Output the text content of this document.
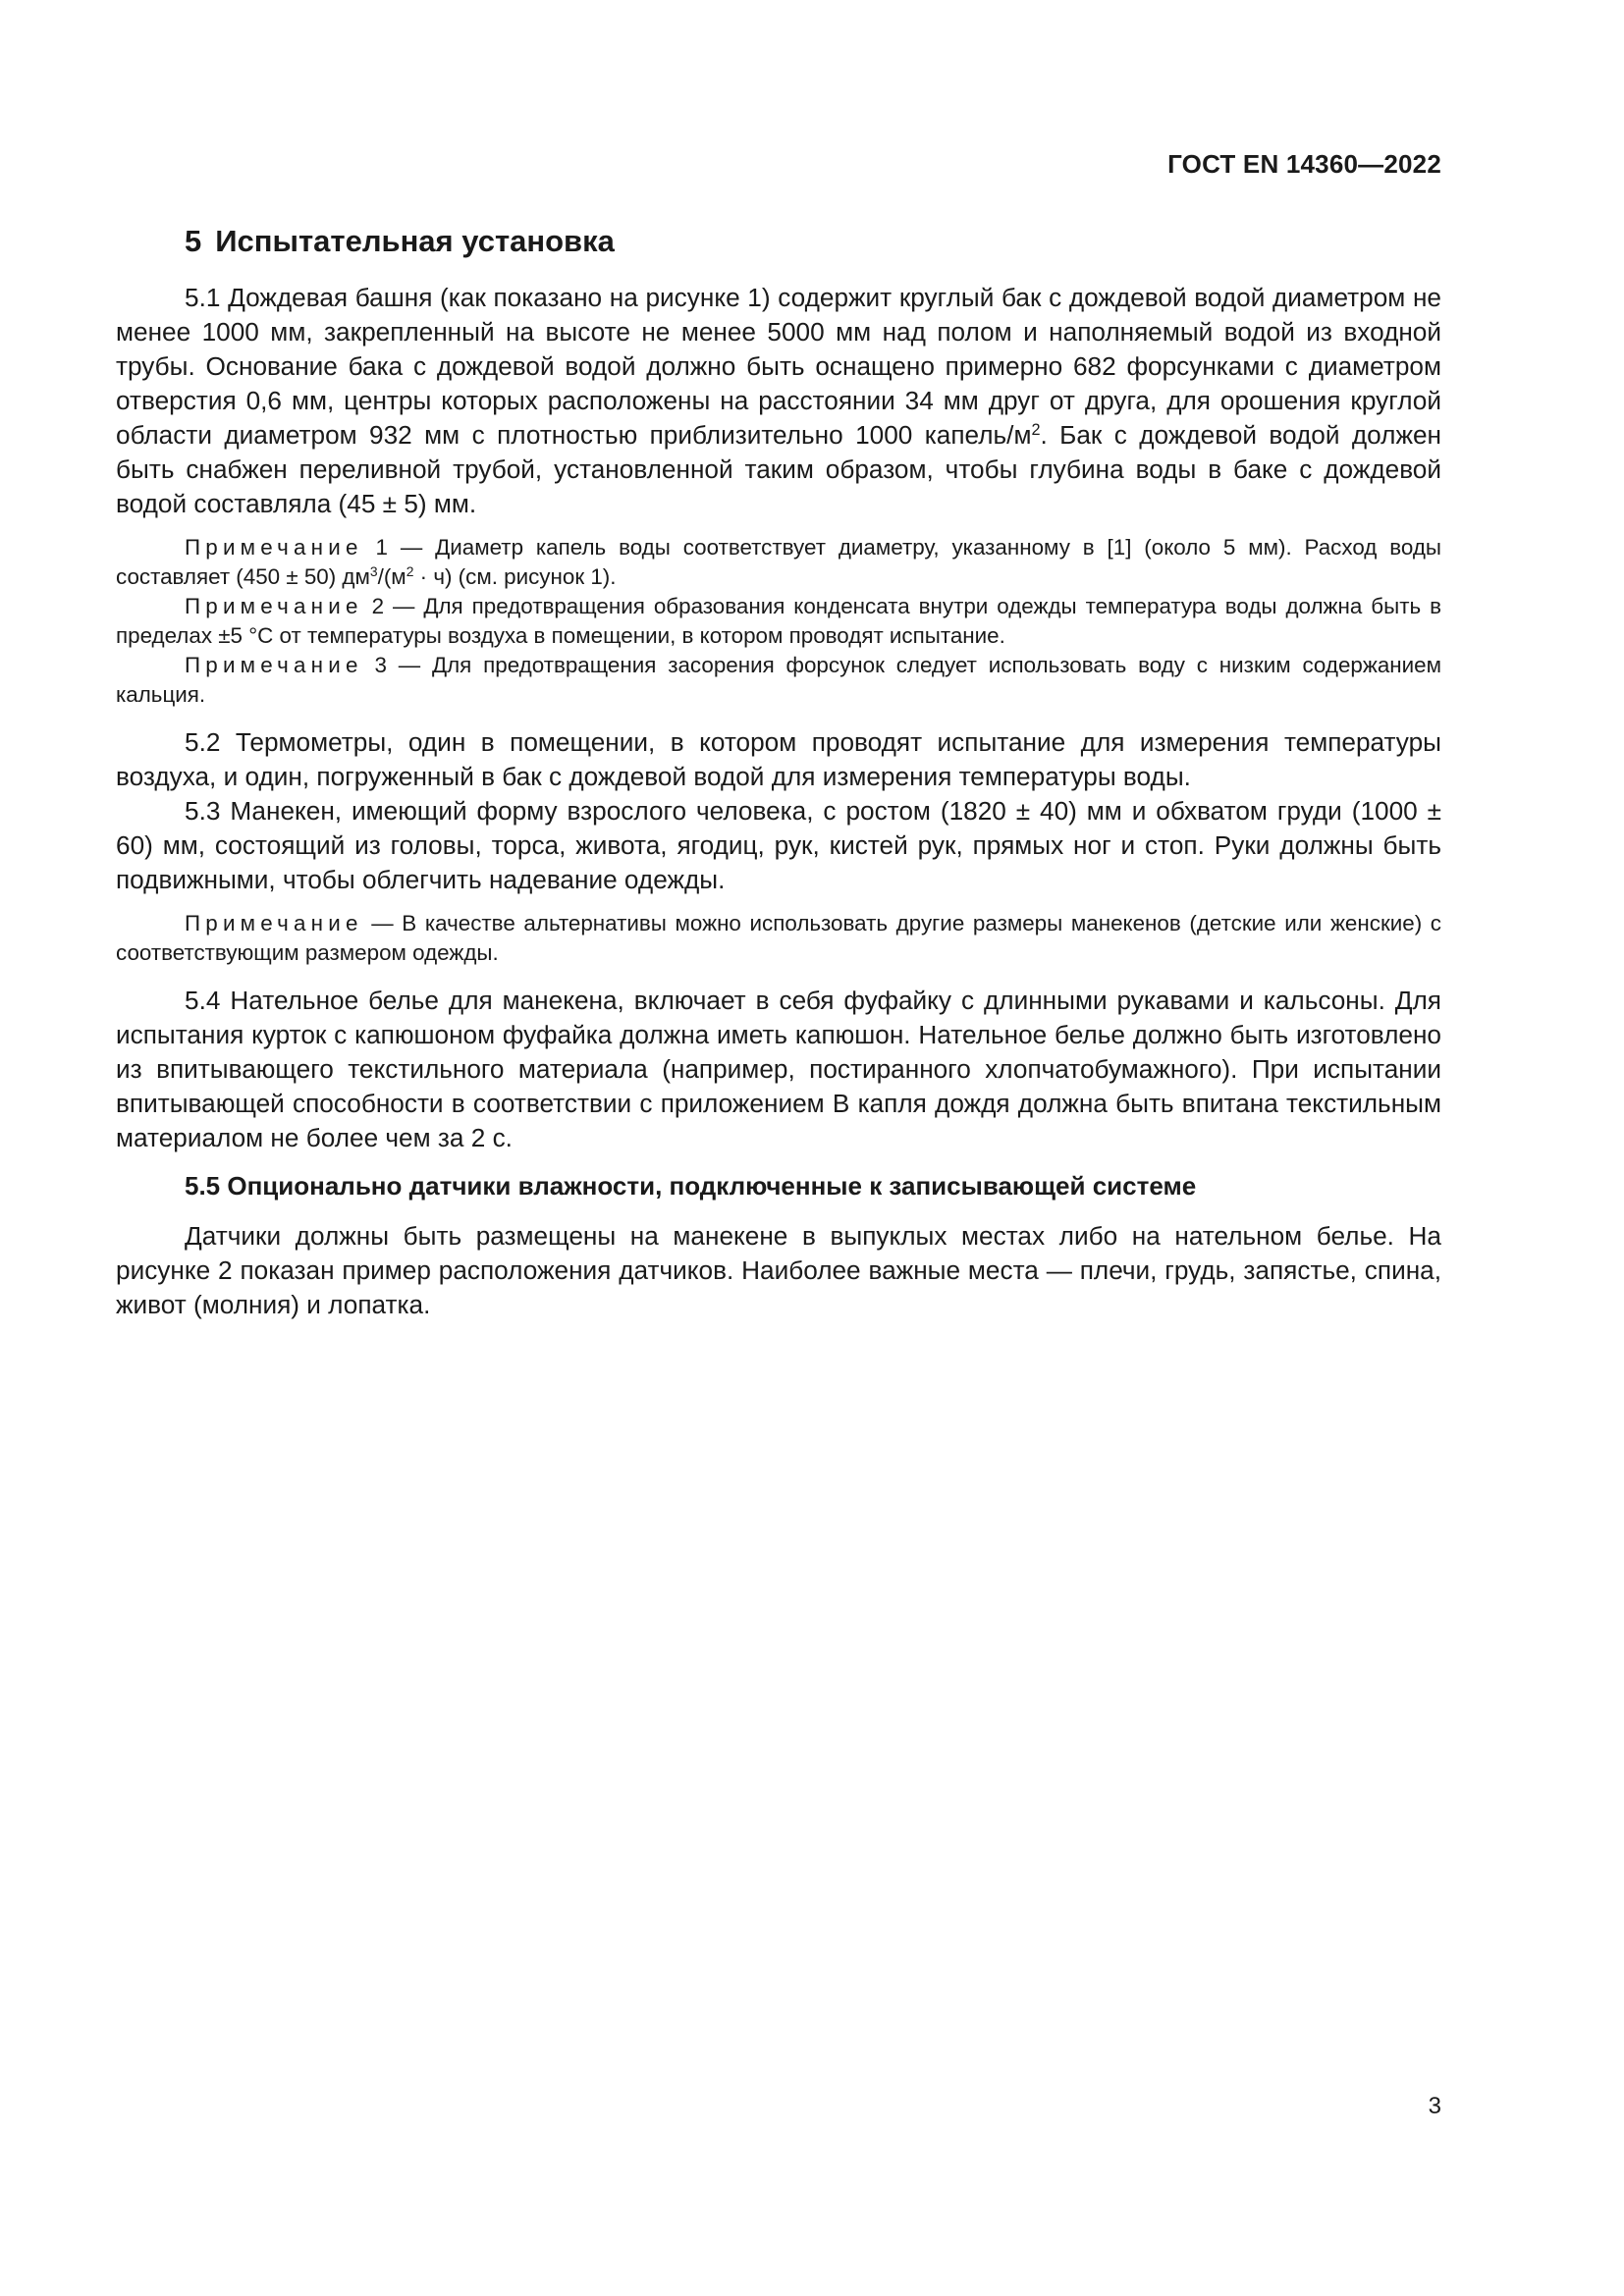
ГОСТ EN 14360—2022
5 Испытательная установка

5.1 Дождевая башня (как показано на рисунке 1) содержит круглый бак с дождевой водой диаметром не менее 1000 мм, закрепленный на высоте не менее 5000 мм над полом и наполняемый водой из входной трубы. Основание бака с дождевой водой должно быть оснащено примерно 682 форсунками с диаметром отверстия 0,6 мм, центры которых расположены на расстоянии 34 мм друг от друга, для орошения круглой области диаметром 932 мм с плотностью приблизительно 1000 капель/$м^2$. Бак с дождевой водой должен быть снабжен переливной трубой, установленной таким образом, чтобы глубина воды в баке с дождевой водой составляла (45 ± 5) мм.

Примечание 1 — Диаметр капель воды соответствует диаметру, указанному в [1] (около 5 мм). Расход воды составляет (450 ± 50) $дм^3/(м^2 \cdot ч)$ (см. рисунок 1).

Примечание 2 — Для предотвращения образования конденсата внутри одежды температура воды должна быть в пределах ±5 °С от температуры воздуха в помещении, в котором проводят испытание.

Примечание 3 — Для предотвращения засорения форсунок следует использовать воду с низким содержанием кальция.

5.2 Термометры, один в помещении, в котором проводят испытание для измерения температуры воздуха, и один, погруженный в бак с дождевой водой для измерения температуры воды.

5.3 Манекен, имеющий форму взрослого человека, с ростом (1820 ± 40) мм и обхватом груди (1000 ± 60) мм, состоящий из головы, торса, живота, ягодиц, рук, кистей рук, прямых ног и стоп. Руки должны быть подвижными, чтобы облегчить надевание одежды.

Примечание — В качестве альтернативы можно использовать другие размеры манекенов (детские или женские) с соответствующим размером одежды.

5.4 Нательное белье для манекена, включает в себя фуфайку с длинными рукавами и кальсоны. Для испытания курток с капюшоном фуфайка должна иметь капюшон. Нательное белье должно быть изготовлено из впитывающего текстильного материала (например, постиранного хлопчатобумажного). При испытании впитывающей способности в соответствии с приложением В капля дождя должна быть впитана текстильным материалом не более чем за 2 с.

5.5 Опционально датчики влажности, подключенные к записывающей системе

Датчики должны быть размещены на манекене в выпуклых местах либо на нательном белье. На рисунке 2 показан пример расположения датчиков. Наиболее важные места — плечи, грудь, запястье, спина, живот (молния) и лопатка.

3
